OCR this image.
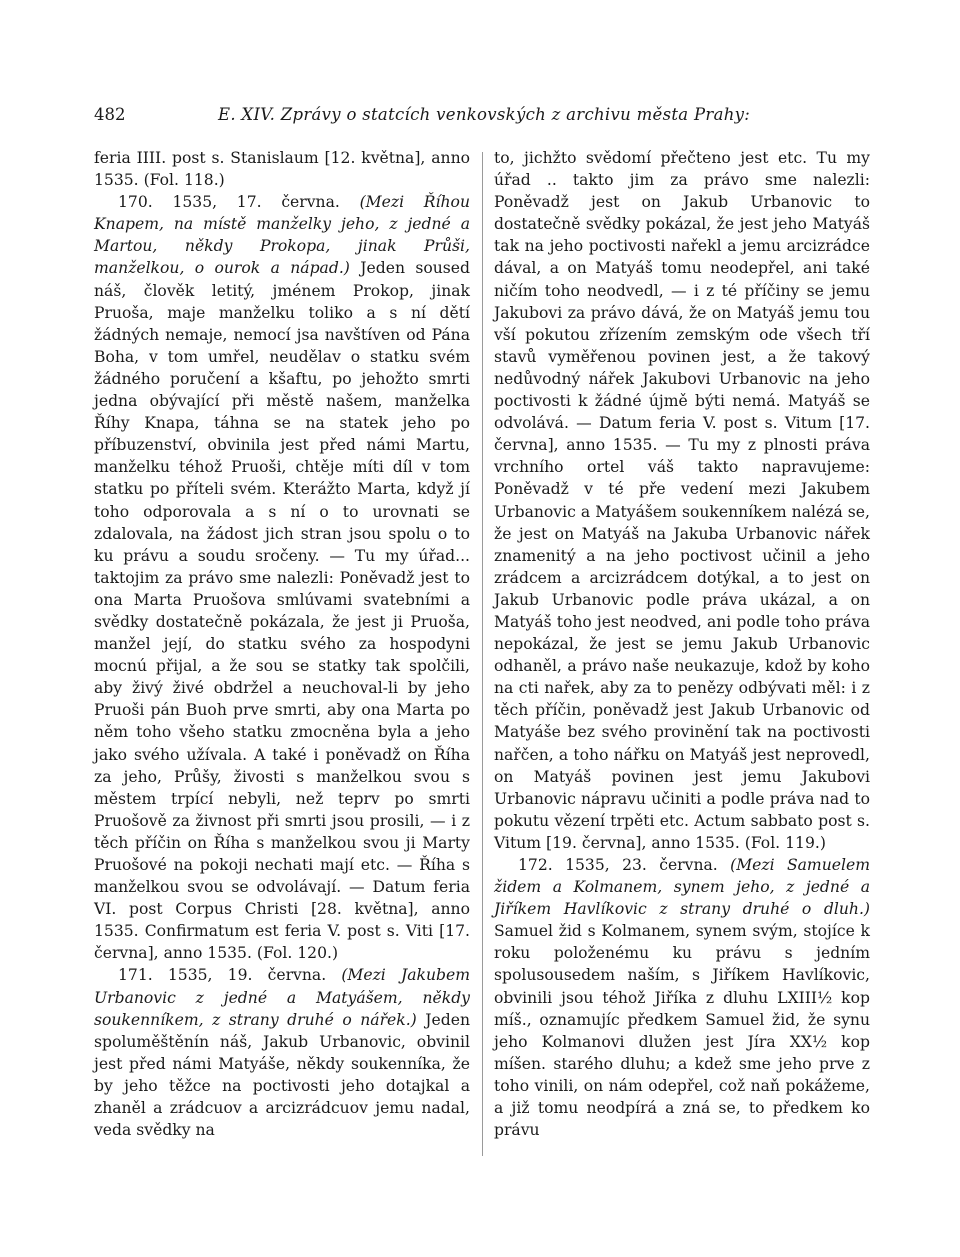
482	E. XIV. Zprávy o statcích venkovských z archivu města Prahy:

feria IIII. post s. Stanislaum [12. května], anno 1535. (Fol. 118.)

170. 1535, 17. června. (Mezi Říhou Knapem, na místě manželky jeho, z jedné a Martou, někdy Prokopa, jinak Průši, manželkou, o ourok a nápad.) Jeden soused náš, člověk letitý, jménem Prokop, jinak Pruoša, maje manželku toliko a s ní dětí žádných nemaje, nemocí jsa navštíven od Pána Boha, v tom umřel, neudělav o statku svém žádného poručení a kšaftu, po jehožto smrti jedna obývající při městě našem, manželka Říhy Knapa, táhna se na statek jeho po příbuzenství, obvinila jest před námi Martu, manželku téhož Pruoši, chtěje míti díl v tom statku po příteli svém. Kterážto Marta, když jí toho odporovala a s ní o to urovnati se zdalovala, na žádost jich stran jsou spolu o to ku právu a soudu sročeny. — Tu my úřad... taktojim za právo sme nalezli: Poněvadž jest to ona Marta Pruošova smlúvami svatebními a svědky dostatečně pokázala, že jest ji Pruoša, manžel její, do statku svého za hospodyni mocnú přijal, a že sou se statky tak spolčili, aby živý živé obdržel a neuchoval-li by jeho Pruoši pán Buoh prve smrti, aby ona Marta po něm toho všeho statku zmocněna byla a jeho jako svého užívala. A také i poněvadž on Říha za jeho, Průšy, živosti s manželkou svou s městem trpící nebyli, než teprv po smrti Pruošově za živnost při smrti jsou prosili, — i z těch příčin on Říha s manželkou svou ji Marty Pruošové na pokoji nechati mají etc. — Říha s manželkou svou se odvolávají. — Datum feria VI. post Corpus Christi [28. května], anno 1535. Confirmatum est feria V. post s. Viti [17. června], anno 1535. (Fol. 120.)

171. 1535, 19. června. (Mezi Jakubem Urbanovic z jedné a Matyášem, někdy soukenníkem, z strany druhé o nářek.) Jeden spoluměštěnín náš, Jakub Urbanovic, obvinil jest před námi Matyáše, někdy soukenníka, že by jeho těžce na poctivosti jeho dotajkal a zhaněl a zrádcuov a arcizrádcuov jemu nadal, veda svědky na

to, jichžto svědomí přečteno jest etc. Tu my úřad .. takto jim za právo sme nalezli: Poněvadž jest on Jakub Urbanovic to dostatečně svědky pokázal, že jest jeho Matyáš tak na jeho poctivosti nařekl a jemu arcizrádce dával, a on Matyáš tomu neodepřel, ani také ničím toho neodvedl, — i z té příčiny se jemu Jakubovi za právo dává, že on Matyáš jemu tou vší pokutou zřízením zemským ode všech tří stavů vyměřenou povinen jest, a že takový nedůvodný nářek Jakubovi Urbanovic na jeho poctivosti k žádné újmě býti nemá. Matyáš se odvolává. — Datum feria V. post s. Vitum [17. června], anno 1535. — Tu my z plnosti práva vrchního ortel váš takto napravujeme: Poněvadž v té pře vedení mezi Jakubem Urbanovic a Matyášem soukenníkem nalézá se, že jest on Matyáš na Jakuba Urbanovic nářek znamenitý a na jeho poctivost učinil a jeho zrádcem a arcizrádcem dotýkal, a to jest on Jakub Urbanovic podle práva ukázal, a on Matyáš toho jest neodved, ani podle toho práva nepokázal, že jest se jemu Jakub Urbanovic odhaněl, a právo naše neukazuje, kdož by koho na cti nařek, aby za to penězy odbývati měl: i z těch příčin, poněvadž jest Jakub Urbanovic od Matyáše bez svého provinění tak na poctivosti nařčen, a toho nářku on Matyáš jest neprovedl, on Matyáš povinen jest jemu Jakubovi Urbanovic nápravu učiniti a podle práva nad to pokutu vězení trpěti etc. Actum sabbato post s. Vitum [19. června], anno 1535. (Fol. 119.)

172. 1535, 23. června. (Mezi Samuelem židem a Kolmanem, synem jeho, z jedné a Jiříkem Havlíkovic z strany druhé o dluh.) Samuel žid s Kolmanem, synem svým, stojíce k roku položenému ku právu s jedním spolusousedem naším, s Jiříkem Havlíkovic, obvinili jsou téhož Jiříka z dluhu LXIII½ kop míš., oznamujíc předkem Samuel žid, že synu jeho Kolmanovi dlužen jest Jíra XX½ kop míšen. starého dluhu; a kdež sme jeho prve z toho vinili, on nám odepřel, což naň pokážeme, a již tomu neodpírá a zná se, to předkem ko právu
